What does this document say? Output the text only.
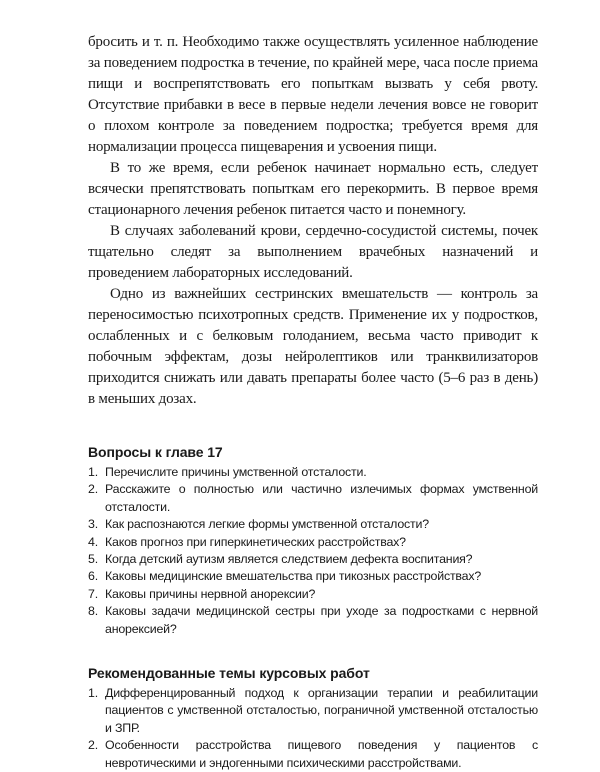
бросить и т. п. Необходимо также осуществлять усиленное наблюдение за поведением подростка в течение, по крайней мере, часа после приема пищи и воспрепятствовать его попыткам вызвать у себя рвоту. Отсутствие прибавки в весе в первые недели лечения вовсе не говорит о плохом контроле за поведением подростка; требуется время для нормализации процесса пищеварения и усвоения пищи.

В то же время, если ребенок начинает нормально есть, следует всячески препятствовать попыткам его перекормить. В первое время стационарного лечения ребенок питается часто и понемногу.

В случаях заболеваний крови, сердечно-сосудистой системы, почек тщательно следят за выполнением врачебных назначений и проведением лабораторных исследований.

Одно из важнейших сестринских вмешательств — контроль за переносимостью психотропных средств. Применение их у подростков, ослабленных и с белковым голоданием, весьма часто приводит к побочным эффектам, дозы нейролептиков или транквилизаторов приходится снижать или давать препараты более часто (5–6 раз в день) в меньших дозах.

Вопросы к главе 17
1. Перечислите причины умственной отсталости.
2. Расскажите о полностью или частично излечимых формах умственной отсталости.
3. Как распознаются легкие формы умственной отсталости?
4. Каков прогноз при гиперкинетических расстройствах?
5. Когда детский аутизм является следствием дефекта воспитания?
6. Каковы медицинские вмешательства при тикозных расстройствах?
7. Каковы причины нервной анорексии?
8. Каковы задачи медицинской сестры при уходе за подростками с нервной анорексией?
Рекомендованные темы курсовых работ
1. Дифференцированный подход к организации терапии и реабилитации пациентов с умственной отсталостью, пограничной умственной отсталостью и ЗПР.
2. Особенности расстройства пищевого поведения у пациентов с невротическими и эндогенными психическими расстройствами.
